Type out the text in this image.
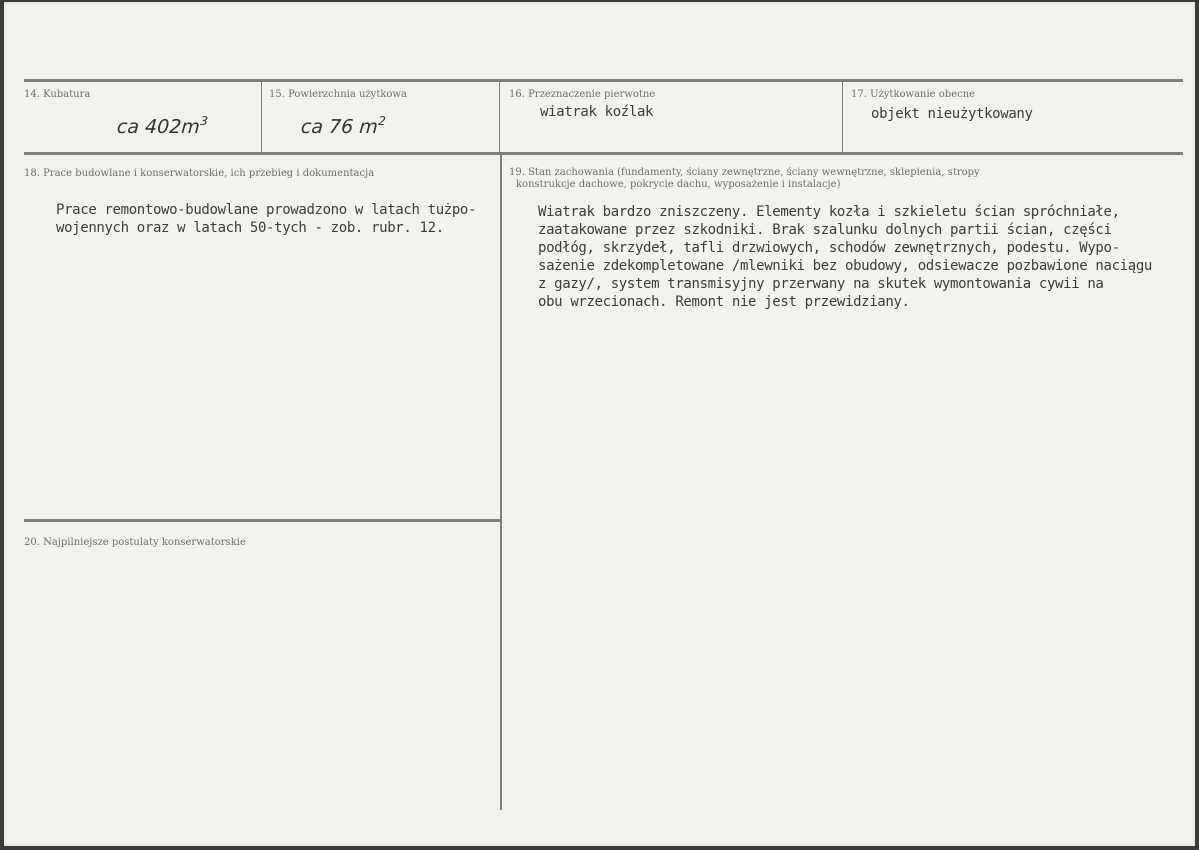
14. Kubatura
ca $402m^3$
15. Powierzchnia użytkowa
ca 76 $m^2$
16. Przeznaczenie pierwotne
wiatrak koźlak
17. Użytkowanie obecne
objekt nieużytkowany
18. Prace budowlane i konserwatorskie, ich przebieg i dokumentacja
Prace remontowo-budowlane prowadzono w latach tużpo-
wojennych oraz w latach 50-tych - zob. rubr. 12.
19. Stan zachowania (fundamenty, ściany zewnętrzne, ściany wewnętrzne, sklepienia, stropy
konstrukcje dachowe, pokrycie dachu, wyposażenie i instalacje)
Wiatrak bardzo zniszczeny. Elementy kozła i szkieletu ścian spróchniałe,
zaatakowane przez szkodniki. Brak szalunku dolnych partii ścian, części
podłóg, skrzydeł, tafli drzwiowych, schodów zewnętrznych, podestu. Wypo-
sażenie zdekompletowane /mlewniki bez obudowy, odsiewacze pozbawione naciągu
z gazy/, system transmisyjny przerwany na skutek wymontowania cywii na
obu wrzecionach. Remont nie jest przewidziany.
20. Najpilniejsze postulaty konserwatorskie
